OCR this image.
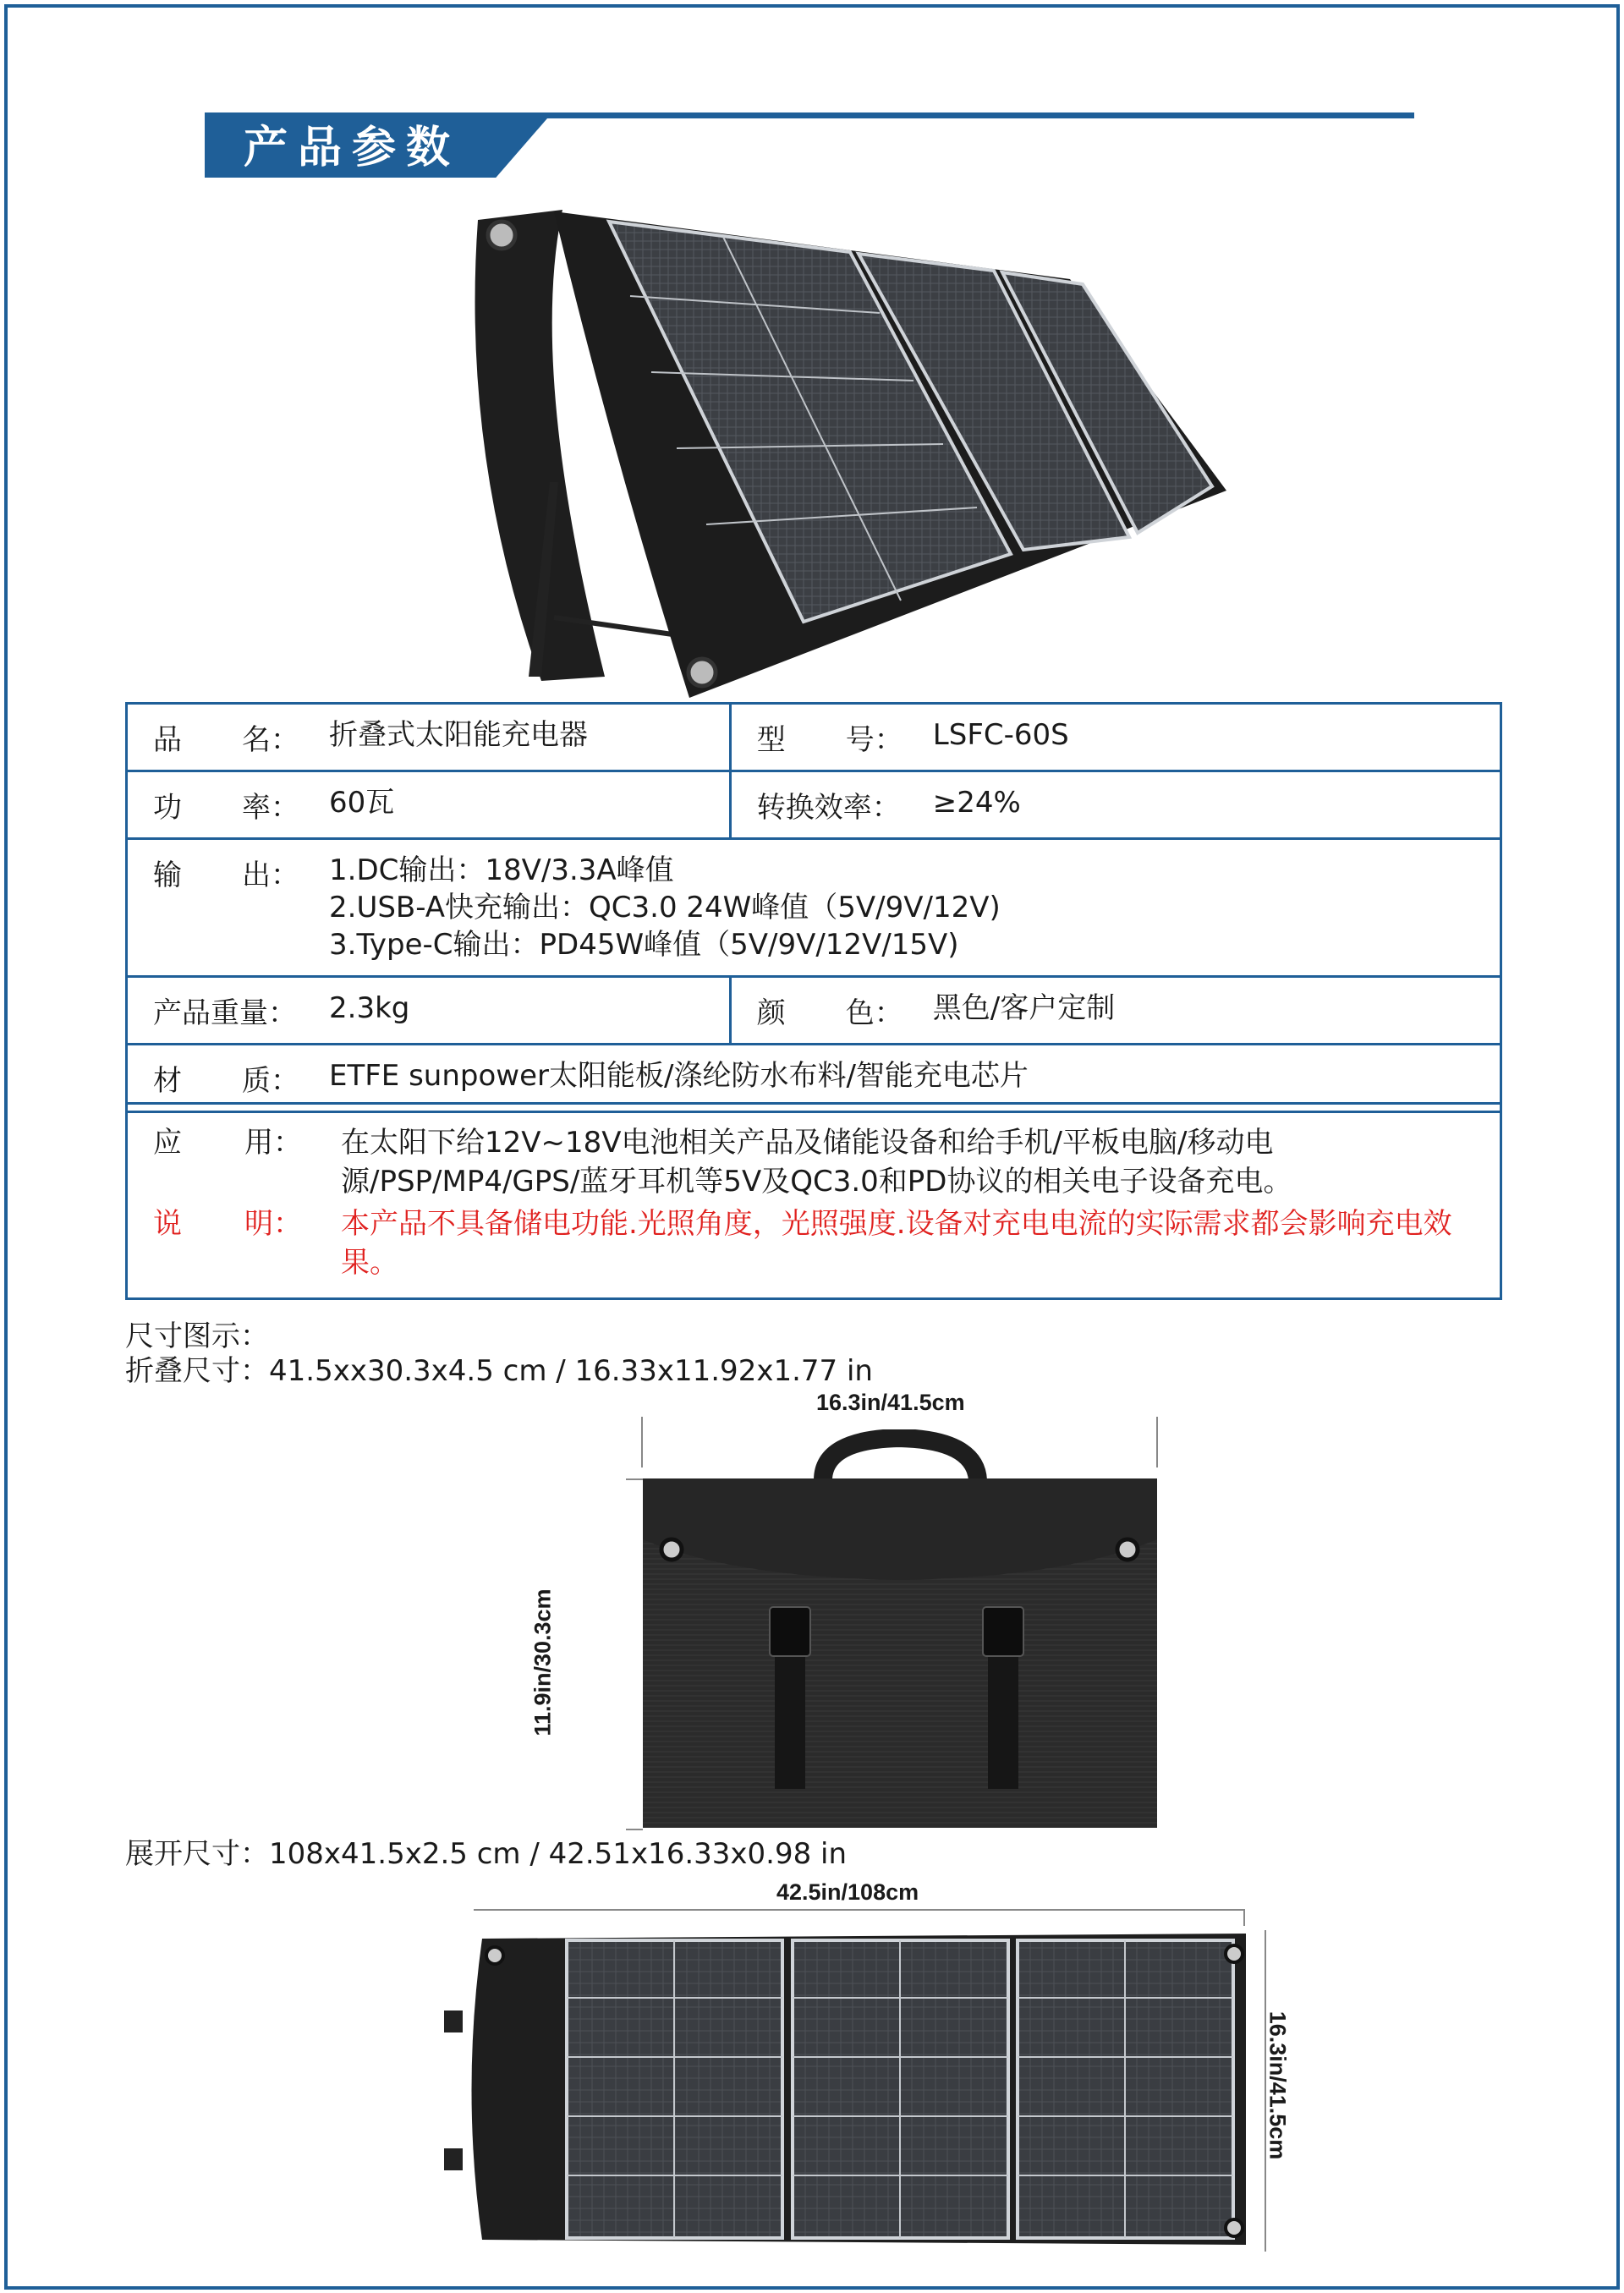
产品参数
品 名： 折叠式太阳能充电器	型 号： LSFC-60S

功 率： 60瓦	转换效率： ≥24%

输 出： 1.DC输出：18V/3.3A峰值
2.USB-A快充输出：QC3.0 24W峰值（5V/9V/12V)
3.Type-C输出：PD45W峰值（5V/9V/12V/15V)	

产品重量： 2.3kg	颜 色： 黑色/客户定制

材 质： ETFE sunpower太阳能板/涤纶防水布料/智能充电芯片	
应 用： 在太阳下给12V~18V电池相关产品及储能设备和给手机/平板电脑/移动电源/PSP/MP4/GPS/蓝牙耳机等5V及QC3.0和PD协议的相关电子设备充电。
说 明： 本产品不具备储电功能.光照角度，光照强度.设备对充电电流的实际需求都会影响充电效果。
尺寸图示：
折叠尺寸：41.5xx30.3x4.5 cm / 16.33x11.92x1.77 in
16.3in/41.5cm
11.9in/30.3cm
展开尺寸：108x41.5x2.5 cm / 42.51x16.33x0.98 in
42.5in/108cm
16.3in/41.5cm
